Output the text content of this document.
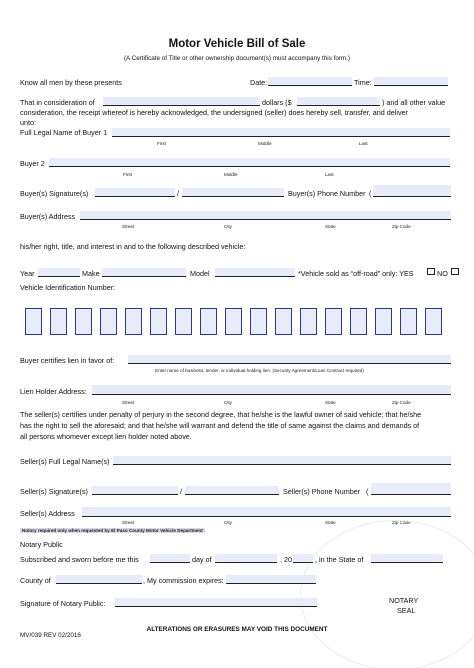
Motor Vehicle Bill of Sale
(A Certificate of Title or other ownership document(s) must accompany this form.)
Know all men by these presents	Date:	Time:
That in consideration of	dollars ($	) and all other value
consideration, the receipt whereof is hereby acknowledged, the undersigned (seller) does hereby sell, transfer, and deliver
unto:
Full Legal Name of Buyer 1
First	Middle	Last
Buyer 2
First	Middle	Last
Buyer(s) Signature(s)	/	Buyer(s) Phone Number (
Buyer(s) Address
Street	City	State	Zip Code
his/her right, title, and interest in and to the following described vehicle:
Year	Make	Model	*Vehicle sold as “off-road” only: YES	NO
Vehicle Identification Number:
Buyer certifies lien in favor of:
Enter name of business, lender, or individual holding lien. (Security Agreement/Loan Contract required)
Lien Holder Address:
Street	City	State	Zip Code
The seller(s) certifies under penalty of perjury in the second degree, that he/she is the lawful owner of said vehicle; that he/she
has the right to sell the aforesaid; and that he/she will warrant and defend the title of same against the claims and demands of
all persons whomever except lien holder noted above.
Seller(s) Full Legal Name(s)
Seller(s) Signature(s)	/	Seller(s) Phone Number (
Seller(s) Address
Street	City	State	Zip Code
Notary required only when requested by El Paso County Motor Vehicle Department
Notary Public
Subscribed and sworn before me this	day of	, 20	, in the State of
County of	, My commission expires:
Signature of Notary Public:	NOTARY
SEAL
ALTERATIONS OR ERASURES MAY VOID THIS DOCUMENT
MV/039 REV 02/2016
